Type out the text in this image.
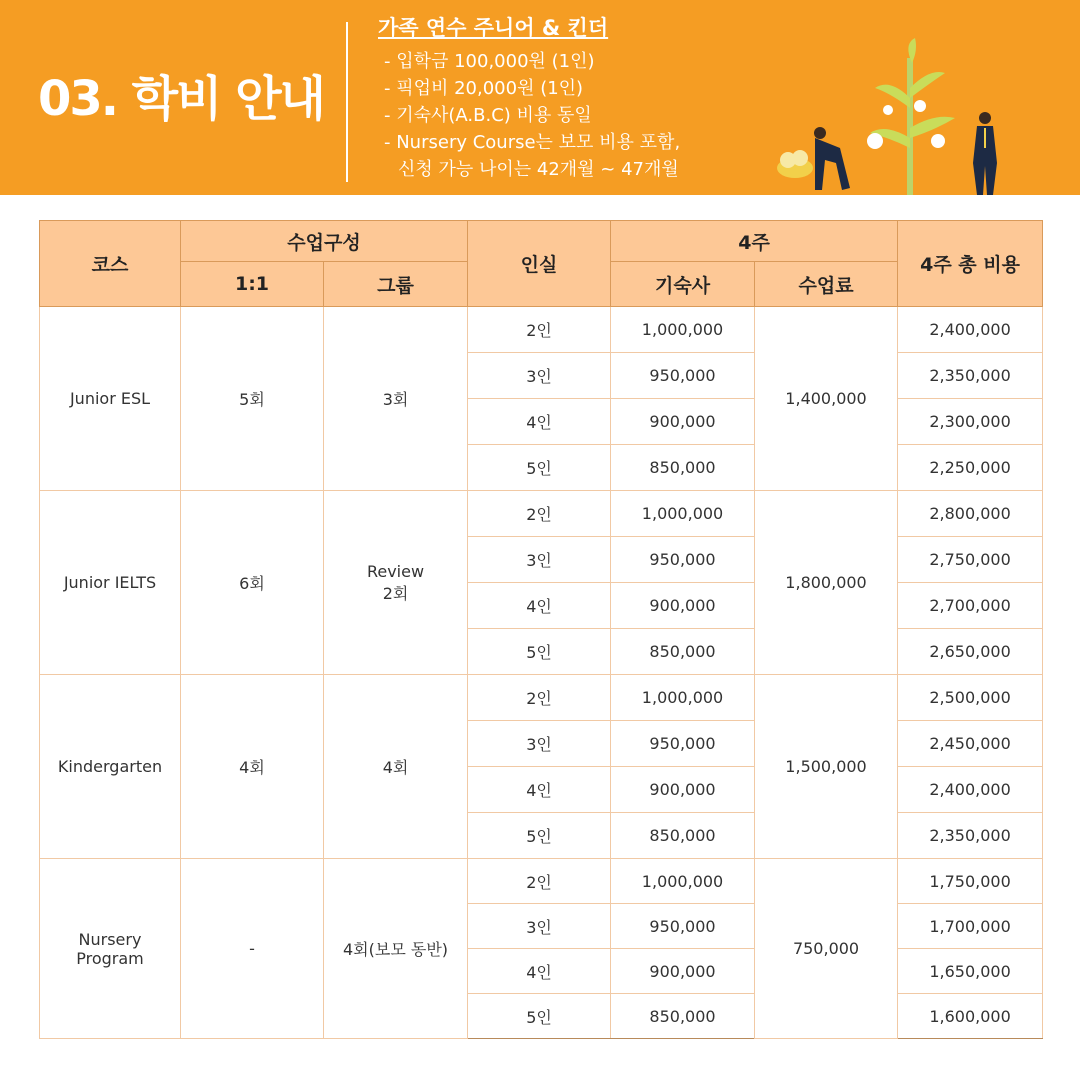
03. 학비 안내
가족 연수 주니어 & 킨더
- 입학금 100,000원 (1인)
- 픽업비 20,000원 (1인)
- 기숙사(A.B.C) 비용 동일
- Nursery Course는 보모 비용 포함,
신청 가능 나이는 42개월 ~ 47개월
코스	수업구성		인실	4주		4주 총 비용
	1:1	그룹		기숙사	수업료	
Junior ESL	5회	3회	2인	1,000,000	1,400,000	2,400,000
			3인	950,000		2,350,000
			4인	900,000		2,300,000
			5인	850,000		2,250,000
Junior IELTS	6회	Review
2회	2인	1,000,000	1,800,000	2,800,000
			3인	950,000		2,750,000
			4인	900,000		2,700,000
			5인	850,000		2,650,000
Kindergarten	4회	4회	2인	1,000,000	1,500,000	2,500,000
			3인	950,000		2,450,000
			4인	900,000		2,400,000
			5인	850,000		2,350,000
Nursery
Program	-	4회(보모 동반)	2인	1,000,000	750,000	1,750,000
			3인	950,000		1,700,000
			4인	900,000		1,650,000
			5인	850,000		1,600,000
